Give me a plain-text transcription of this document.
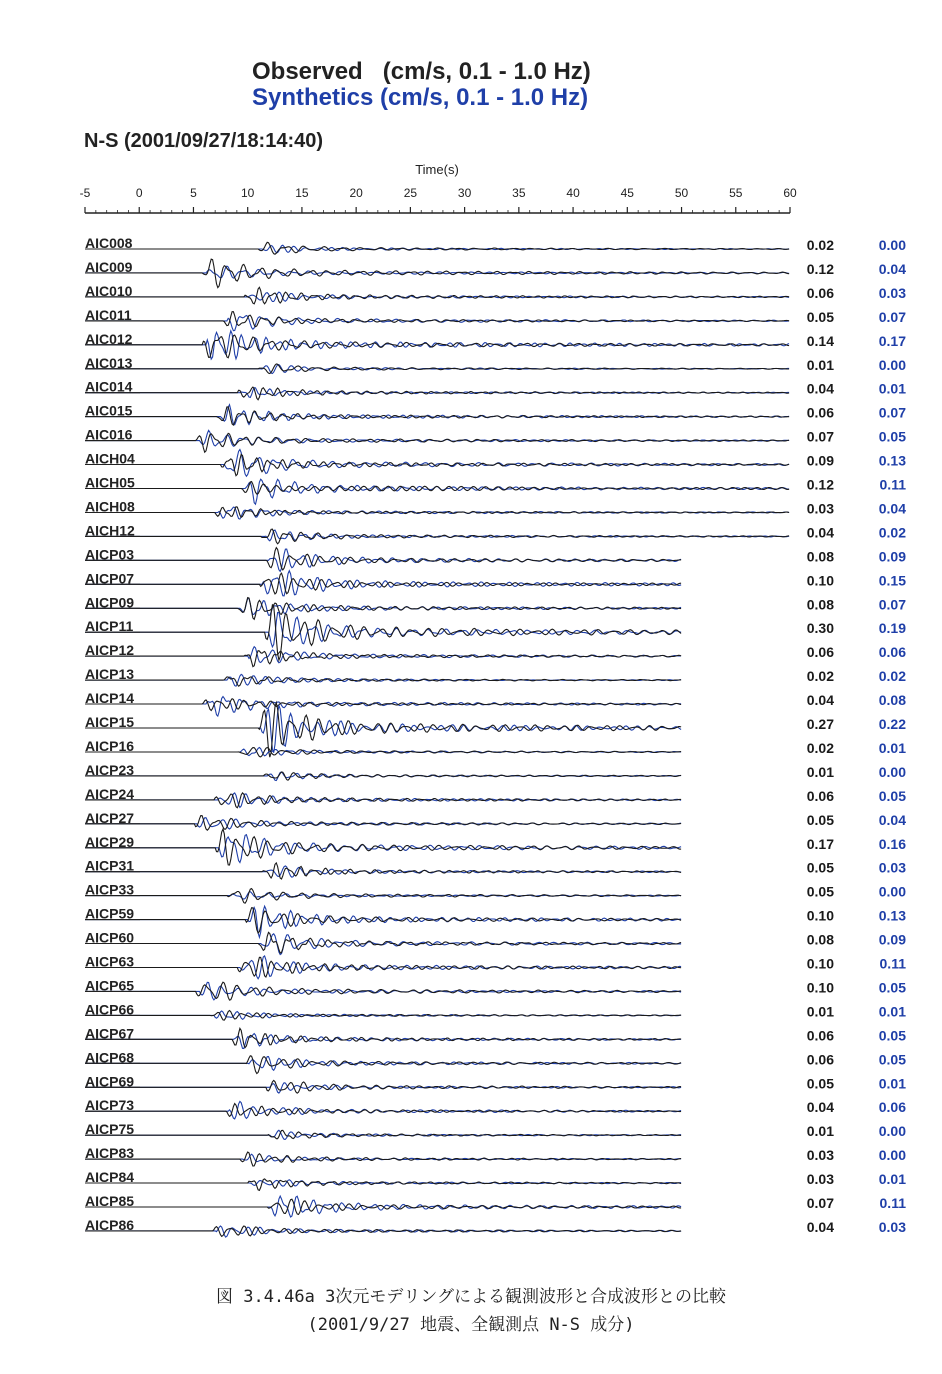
Observed   (cm/s, 0.1 - 1.0 Hz)
Synthetics (cm/s, 0.1 - 1.0 Hz)
N-S (2001/09/27/18:14:40)
Time(s)
-5	0	5	10	15	20	25	30	35	40	45	50	55	60
AIC008	0.02	0.00
AIC009	0.12	0.04
AIC010	0.06	0.03
AIC011	0.05	0.07
AIC012	0.14	0.17
AIC013	0.01	0.00
AIC014	0.04	0.01
AIC015	0.06	0.07
AIC016	0.07	0.05
AICH04	0.09	0.13
AICH05	0.12	0.11
AICH08	0.03	0.04
AICH12	0.04	0.02
AICP03	0.08	0.09
AICP07	0.10	0.15
AICP09	0.08	0.07
AICP11	0.30	0.19
AICP12	0.06	0.06
AICP13	0.02	0.02
AICP14	0.04	0.08
AICP15	0.27	0.22
AICP16	0.02	0.01
AICP23	0.01	0.00
AICP24	0.06	0.05
AICP27	0.05	0.04
AICP29	0.17	0.16
AICP31	0.05	0.03
AICP33	0.05	0.00
AICP59	0.10	0.13
AICP60	0.08	0.09
AICP63	0.10	0.11
AICP65	0.10	0.05
AICP66	0.01	0.01
AICP67	0.06	0.05
AICP68	0.06	0.05
AICP69	0.05	0.01
AICP73	0.04	0.06
AICP75	0.01	0.00
AICP83	0.03	0.00
AICP84	0.03	0.01
AICP85	0.07	0.11
AICP86	0.04	0.03
図 3.4.46a 3次元モデリングによる観測波形と合成波形との比較
(2001/9/27 地震、全観測点 N-S 成分)
